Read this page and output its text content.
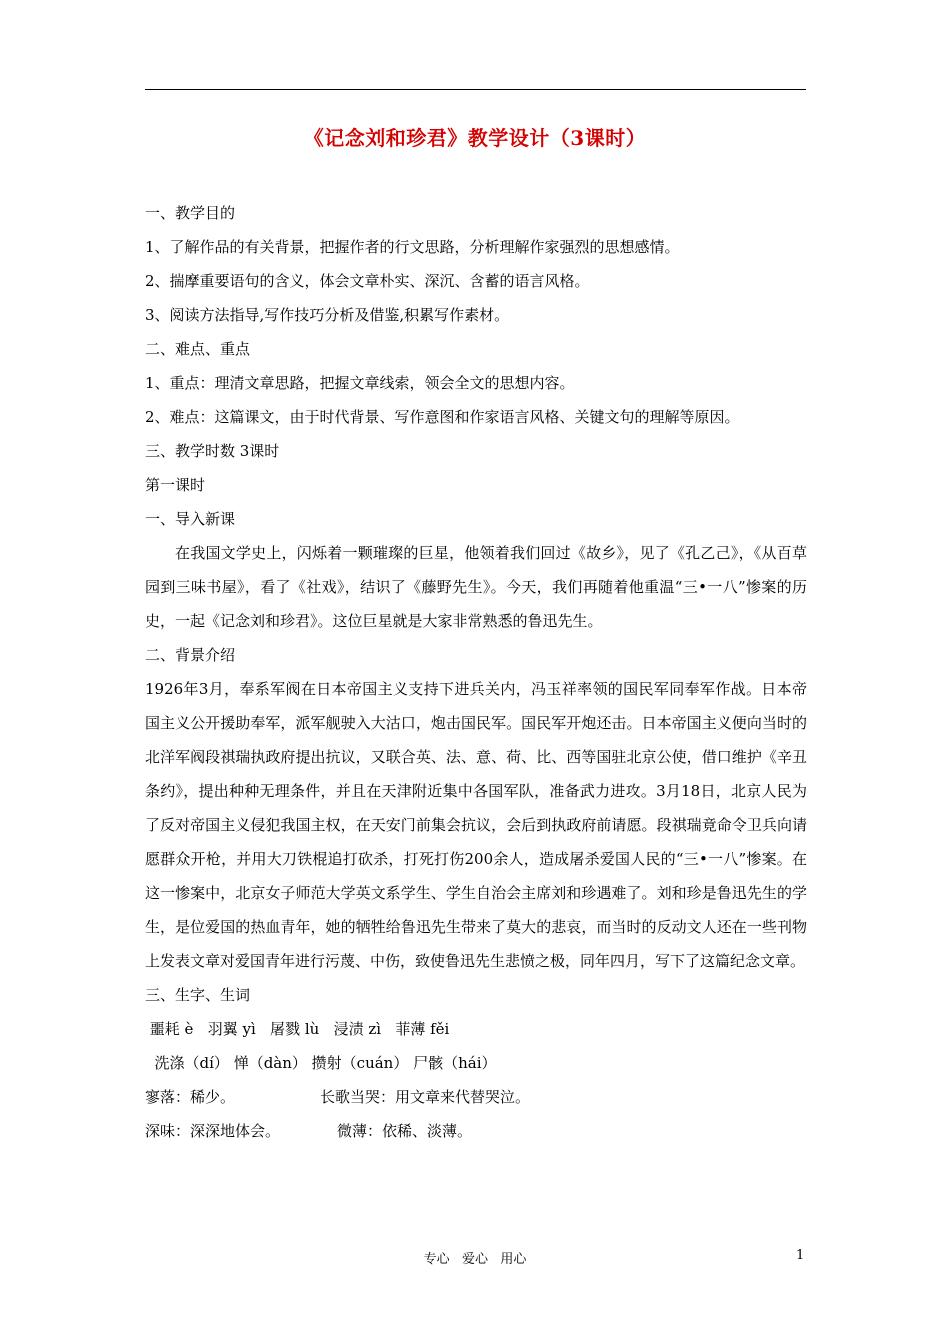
《记念刘和珍君》教学设计（3课时）
一、教学目的
1、了解作品的有关背景，把握作者的行文思路，分析理解作家强烈的思想感情。
2、揣摩重要语句的含义，体会文章朴实、深沉、含蓄的语言风格。
3、阅读方法指导,写作技巧分析及借鉴,积累写作素材。
二、难点、重点
1、重点：理清文章思路，把握文章线索，领会全文的思想内容。
2、难点：这篇课文，由于时代背景、写作意图和作家语言风格、关键文句的理解等原因。
三、教学时数 3课时
第一课时
一、导入新课
在我国文学史上，闪烁着一颗璀璨的巨星，他领着我们回过《故乡》，见了《孔乙己》，《从百草园到三味书屋》，看了《社戏》，结识了《藤野先生》。今天，我们再随着他重温“三•一八”惨案的历史，一起《记念刘和珍君》。这位巨星就是大家非常熟悉的鲁迅先生。
二、背景介绍
1926年3月，奉系军阀在日本帝国主义支持下进兵关内，冯玉祥率领的国民军同奉军作战。日本帝国主义公开援助奉军，派军舰驶入大沽口，炮击国民军。国民军开炮还击。日本帝国主义便向当时的北洋军阀段祺瑞执政府提出抗议，又联合英、法、意、荷、比、西等国驻北京公使，借口维护《辛丑条约》，提出种种无理条件，并且在天津附近集中各国军队，准备武力进攻。3月18日，北京人民为了反对帝国主义侵犯我国主权，在天安门前集会抗议，会后到执政府前请愿。段祺瑞竟命令卫兵向请愿群众开枪，并用大刀铁棍追打砍杀，打死打伤200余人，造成屠杀爱国人民的“三•一八”惨案。在这一惨案中，北京女子师范大学英文系学生、学生自治会主席刘和珍遇难了。刘和珍是鲁迅先生的学生，是位爱国的热血青年，她的牺牲给鲁迅先生带来了莫大的悲哀，而当时的反动文人还在一些刊物上发表文章对爱国青年进行污蔑、中伤，致使鲁迅先生悲愤之极，同年四月，写下了这篇纪念文章。
三、生字、生词
噩耗 è   羽翼 yì   屠戮 lù   浸渍 zì   菲薄 fěi
洗涤（dí） 惮（dàn） 攒射（cuán） 尸骸（hái）
寥落：稀少。	长歌当哭：用文章来代替哭泣。
深味：深深地体会。	微薄：依稀、淡薄。
专心   爱心   用心	1
